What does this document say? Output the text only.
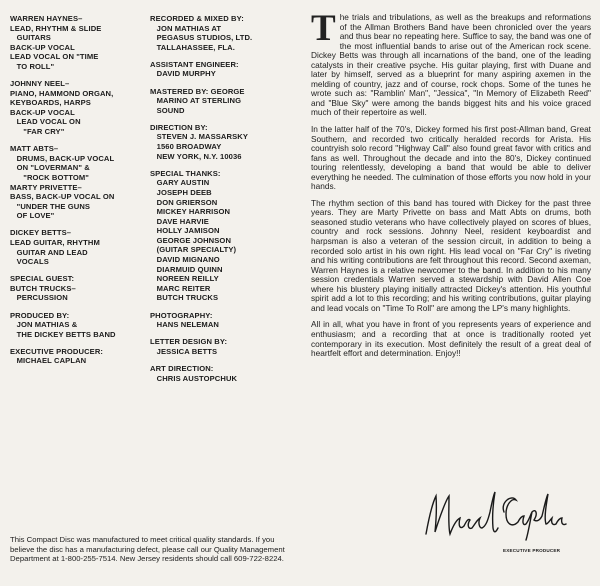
WARREN HAYNES–
LEAD, RHYTHM & SLIDE
GUITARS
BACK-UP VOCAL
LEAD VOCAL ON "TIME
TO ROLL"
JOHNNY NEEL–
PIANO, HAMMOND ORGAN,
KEYBOARDS, HARPS
BACK-UP VOCAL
LEAD VOCAL ON
"FAR CRY"
MATT ABTS–
DRUMS, BACK-UP VOCAL
ON "LOVERMAN" &
"ROCK BOTTOM"
MARTY PRIVETTE–
BASS, BACK-UP VOCAL ON
"UNDER THE GUNS
OF LOVE"
DICKEY BETTS–
LEAD GUITAR, RHYTHM
GUITAR AND LEAD
VOCALS
SPECIAL GUEST:
BUTCH TRUCKS–
PERCUSSION
PRODUCED BY:
JON MATHIAS &
THE DICKEY BETTS BAND
EXECUTIVE PRODUCER:
MICHAEL CAPLAN
RECORDED & MIXED BY:
JON MATHIAS AT
PEGASUS STUDIOS, LTD.
TALLAHASSEE, FLA.
ASSISTANT ENGINEER:
DAVID MURPHY
MASTERED BY: GEORGE
MARINO AT STERLING
SOUND
DIRECTION BY:
STEVEN J. MASSARSKY
1560 BROADWAY
NEW YORK, N.Y. 10036
SPECIAL THANKS:
GARY AUSTIN
JOSEPH DEEB
DON GRIERSON
MICKEY HARRISON
DAVE HARVIE
HOLLY JAMISON
GEORGE JOHNSON
(GUITAR SPECIALTY)
DAVID MIGNANO
DIARMUID QUINN
NOREEN REILLY
MARC REITER
BUTCH TRUCKS
PHOTOGRAPHY:
HANS NELEMAN
LETTER DESIGN BY:
JESSICA BETTS
ART DIRECTION:
CHRIS AUSTOPCHUK

The trials and tribulations, as well as the breakups and reformations of the Allman Brothers Band have been chronicled over the years and thus bear no repeating here. Suffice to say, the band was one of the most influential bands to arise out of the American rock scene. Dickey Betts was through all incarnations of the band, one of the leading catalysts in their creative psyche. His guitar playing, first with Duane and later by himself, served as a blueprint for many aspiring axemen in the melding of country, jazz and of course, rock chops. Some of the tunes he wrote such as: "Ramblin' Man", "Jessica", "In Memory of Elizabeth Reed" and "Blue Sky" were among the bands biggest hits and his voice graced much of their repertoire as well.

In the latter half of the 70's, Dickey formed his first post-Allman band, Great Southern, and recorded two critically heralded records for Arista. His countryish solo record "Highway Call" also found great favor with critics and fans as well. Throughout the decade and into the 80's, Dickey continued touring relentlessly, developing a band that would be able to deliver everything he needed. The culmination of those efforts you now hold in your hands.

The rhythm section of this band has toured with Dickey for the past three years. They are Marty Privette on bass and Matt Abts on drums, both seasoned studio veterans who have collectively played on scores of blues, country and rock sessions. Johnny Neel, resident keyboardist and harpsman is also a veteran of the session circuit, in addition to being a recorded solo artist in his own right. His lead vocal on "Far Cry" is riveting and his writing contributions are felt throughout this record. Second axeman, Warren Haynes is a relative newcomer to the band. In addition to his many session credentials Warren served a stewardship with David Allen Coe where his blustery playing initially attracted Dickey's attention. His youthful spirit add a lot to this recording; and his writing contributions, guitar playing and lead vocals on "Time To Roll" are among the LP's many highlights.

All in all, what you have in front of you represents years of experience and enthusiasm; and a recording that at once is traditionally rooted yet contemporary in its execution. Most definitely the result of a great deal of heartfelt effort and determination. Enjoy!!

This Compact Disc was manufactured to meet critical quality standards. If you believe the disc has a manufacturing defect, please call our Quality Management Department at 1-800-255-7514. New Jersey residents should call 609-722-8224.
EXECUTIVE PRODUCER
